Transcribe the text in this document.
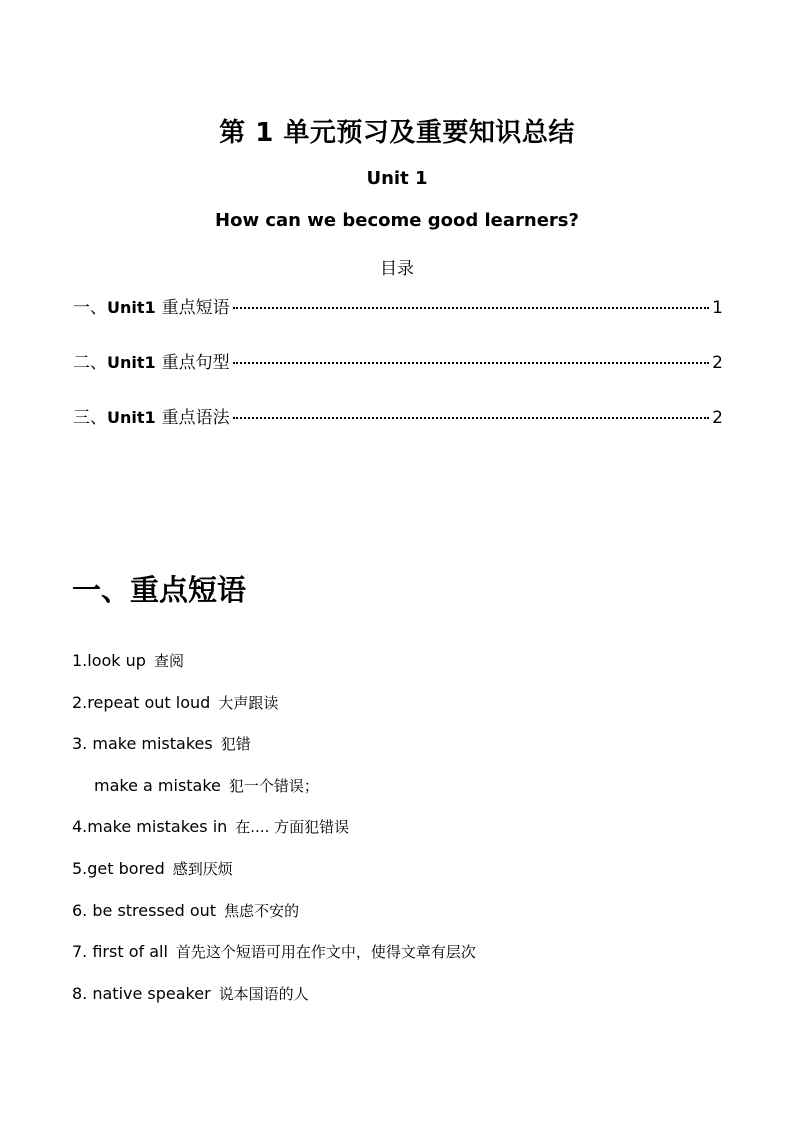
第 1 单元预习及重要知识总结
Unit 1
How can we become good learners?
目录
一、 Unit1 重点短语	1
二、 Unit1 重点句型	2
三、 Unit1 重点语法	2
一、重点短语
1.look up 查阅
2.repeat out loud 大声跟读
3. make mistakes 犯错
make a mistake 犯一个错误；
4.make mistakes in 在.... 方面犯错误
5.get bored 感到厌烦
6. be stressed out 焦虑不安的
7. first of all 首先这个短语可用在作文中，使得文章有层次
8. native speaker 说本国语的人
